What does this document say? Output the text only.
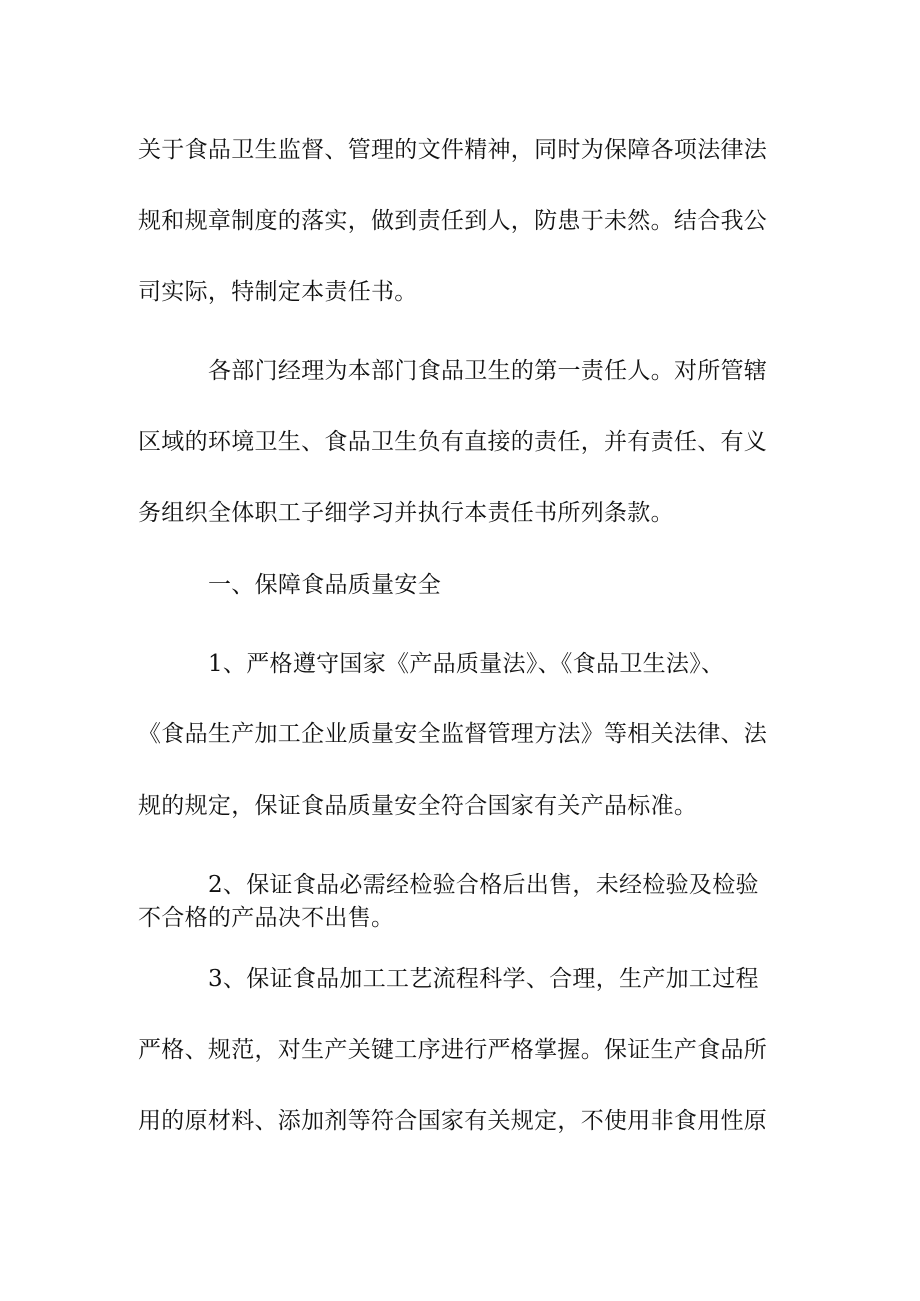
关于食品卫生监督、管理的文件精神，同时为保障各项法律法
规和规章制度的落实，做到责任到人，防患于未然。结合我公
司实际，特制定本责任书。
各部门经理为本部门食品卫生的第一责任人。对所管辖
区域的环境卫生、食品卫生负有直接的责任，并有责任、有义
务组织全体职工子细学习并执行本责任书所列条款。
一、保障食品质量安全
1、严格遵守国家《产品质量法》、《食品卫生法》、
《食品生产加工企业质量安全监督管理方法》等相关法律、法
规的规定，保证食品质量安全符合国家有关产品标准。
2、保证食品必需经检验合格后出售，未经检验及检验
不合格的产品决不出售。
3、保证食品加工工艺流程科学、合理，生产加工过程
严格、规范，对生产关键工序进行严格掌握。保证生产食品所
用的原材料、添加剂等符合国家有关规定，不使用非食用性原
